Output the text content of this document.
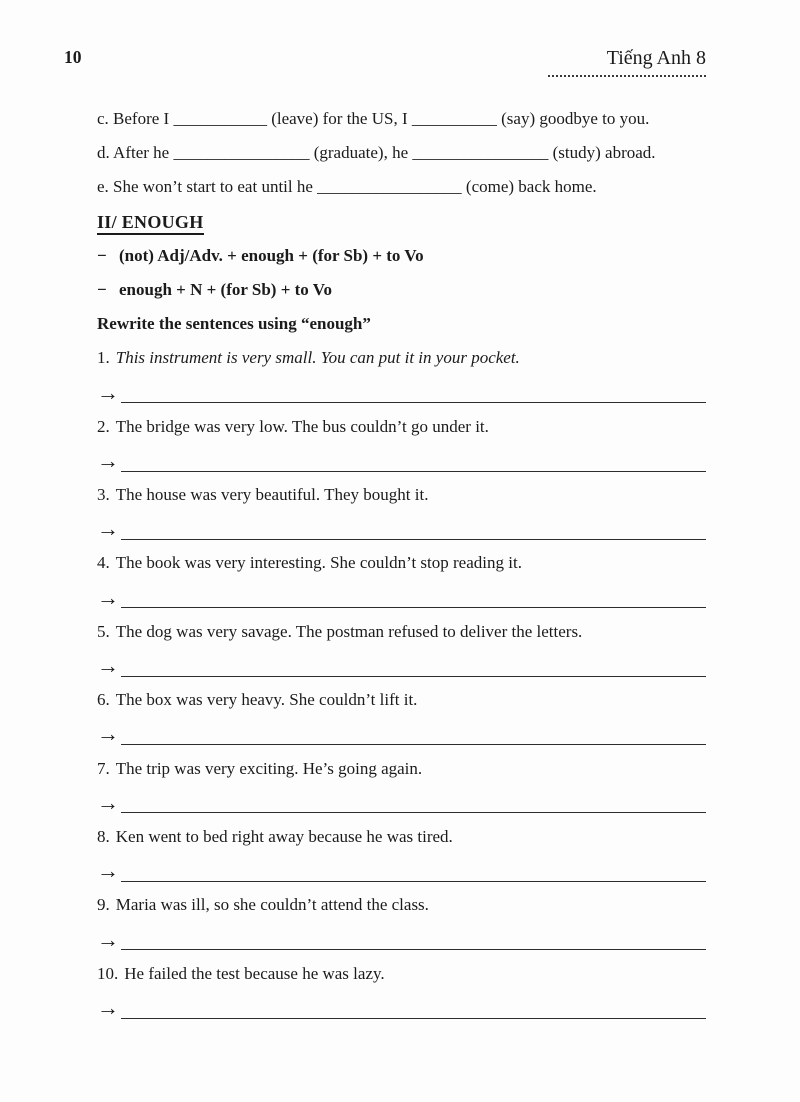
10	Tiếng Anh 8
c. Before I ___________ (leave) for the US, I __________ (say) goodbye to you.
d. After he ________________ (graduate), he ________________ (study) abroad.
e. She won’t start to eat until he _________________ (come) back home.
II/ ENOUGH
− (not) Adj/Adv. + enough + (for Sb) + to Vo
− enough + N + (for Sb) + to Vo
Rewrite the sentences using “enough”
1. This instrument is very small. You can put it in your pocket.
→
2. The bridge was very low. The bus couldn’t go under it.
→
3. The house was very beautiful. They bought it.
→
4. The book was very interesting. She couldn’t stop reading it.
→
5. The dog was very savage. The postman refused to deliver the letters.
→
6. The box was very heavy. She couldn’t lift it.
→
7. The trip was very exciting. He’s going again.
→
8. Ken went to bed right away because he was tired.
→
9. Maria was ill, so she couldn’t attend the class.
→
10. He failed the test because he was lazy.
→
